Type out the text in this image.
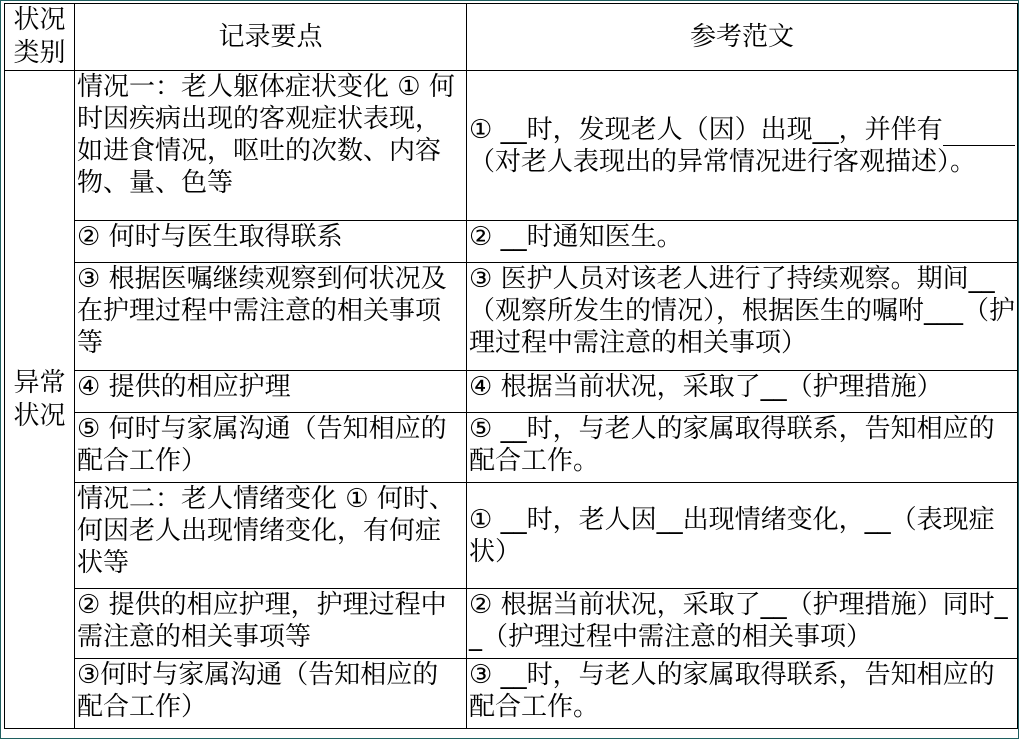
状况类别	记录要点	参考范文
异常状况	情况一：老人躯体症状变化 ① 何时因疾病出现的客观症状表现，如进食情况，呕吐的次数、内容物、量、色等	① __时，发现老人（因）出现__，并伴有（对老人表现出的异常情况进行客观描述）。
	② 何时与医生取得联系	② __时通知医生。
	③ 根据医嘱继续观察到何状况及在护理过程中需注意的相关事项等	③ 医护人员对该老人进行了持续观察。期间__（观察所发生的情况），根据医生的嘱咐___（护理过程中需注意的相关事项）
	④ 提供的相应护理	④ 根据当前状况，采取了__（护理措施）
	⑤ 何时与家属沟通（告知相应的配合工作）	⑤ __时，与老人的家属取得联系，告知相应的配合工作。
	情况二：老人情绪变化 ① 何时、何因老人出现情绪变化，有何症状等	① __时，老人因__出现情绪变化，__（表现症状）
	② 提供的相应护理，护理过程中需注意的相关事项等	② 根据当前状况，采取了__（护理措施）同时__（护理过程中需注意的相关事项）
	③何时与家属沟通（告知相应的配合工作）	③ __时，与老人的家属取得联系，告知相应的配合工作。
